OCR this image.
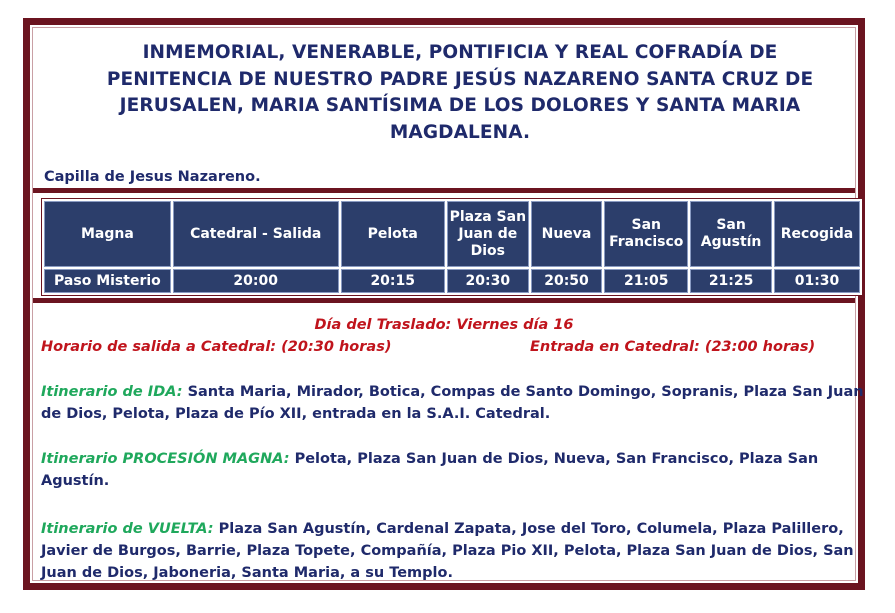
INMEMORIAL, VENERABLE, PONTIFICIA Y REAL COFRADÍA DE
PENITENCIA DE NUESTRO PADRE JESÚS NAZARENO SANTA CRUZ DE
JERUSALEN, MARIA SANTÍSIMA DE LOS DOLORES Y SANTA MARIA
MAGDALENA.
Capilla de Jesus Nazareno.
Magna	Catedral - Salida	Pelota	Plaza San Juan de Dios	Nueva	San Francisco	San Agustín	Recogida
Paso Misterio	20:00	20:15	20:30	20:50	21:05	21:25	01:30
Día del Traslado: Viernes día 16
Horario de salida a Catedral: (20:30 horas)	Entrada en Catedral: (23:00 horas)
Itinerario de IDA: Santa Maria, Mirador, Botica, Compas de Santo Domingo, Sopranis, Plaza San Juan de Dios, Pelota, Plaza de Pío XII, entrada en la S.A.I. Catedral.
Itinerario PROCESIÓN MAGNA: Pelota, Plaza San Juan de Dios, Nueva, San Francisco, Plaza San Agustín.
Itinerario de VUELTA: Plaza San Agustín, Cardenal Zapata, Jose del Toro, Columela, Plaza Palillero, Javier de Burgos, Barrie, Plaza Topete, Compañía, Plaza Pio XII, Pelota, Plaza San Juan de Dios, San Juan de Dios, Jaboneria, Santa Maria, a su Templo.
